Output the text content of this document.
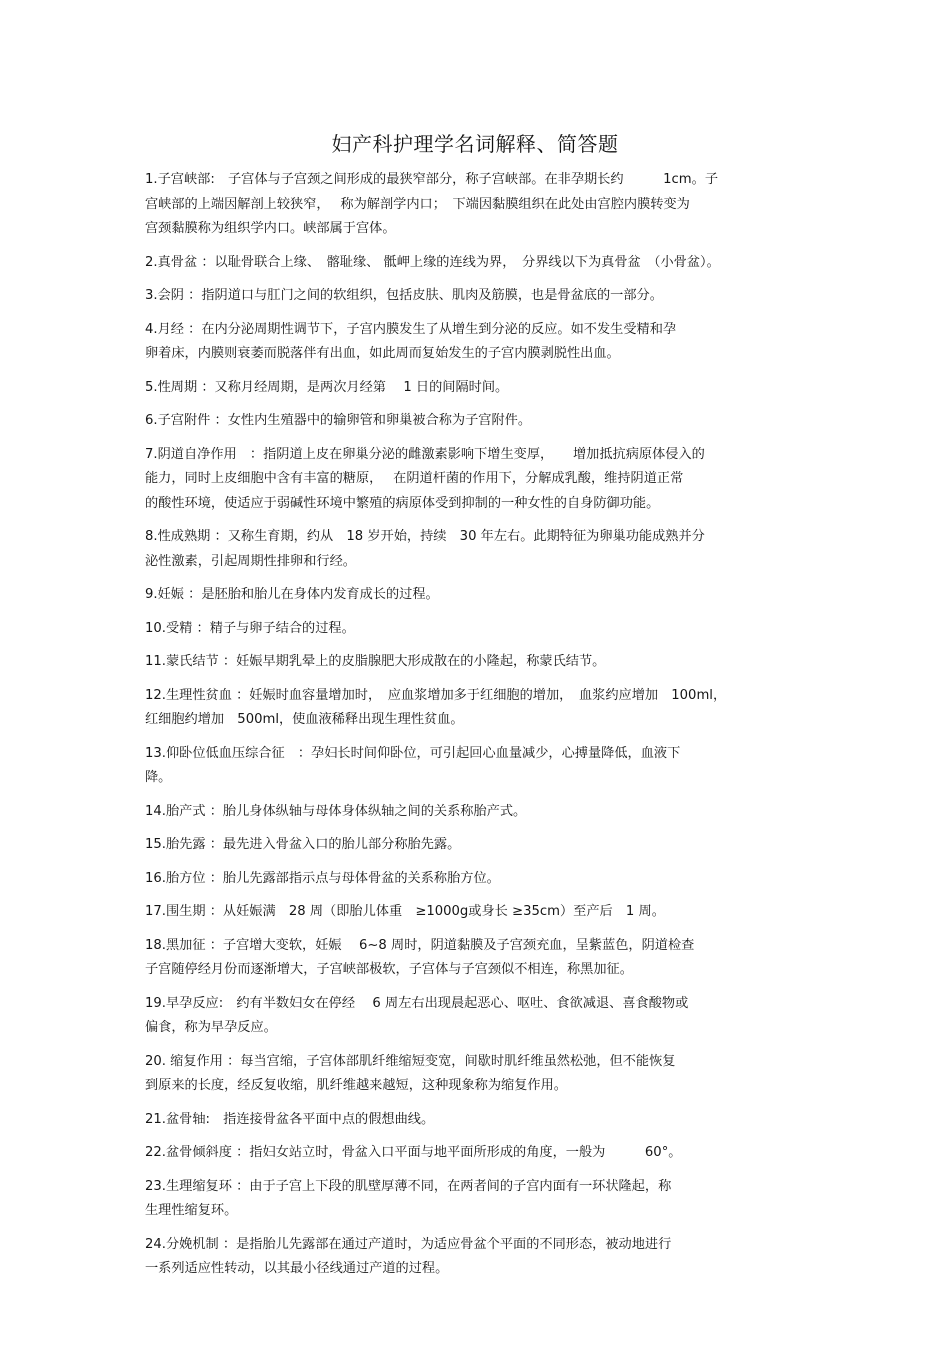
妇产科护理学名词解释、简答题
1.子宫峡部:　子宫体与子宫颈之间形成的最狭窄部分，称子宫峡部。在非孕期长约　　　1cm。子
宫峡部的上端因解剖上较狭窄，　 称为解剖学内口；　下端因黏膜组织在此处由宫腔内膜转变为
宫颈黏膜称为组织学内口。峡部属于宫体。
2.真骨盆 ：以耻骨联合上缘、　髂耻缘、 骶岬上缘的连线为界，　分界线以下为真骨盆　（小骨盆）。
3.会阴 ：指阴道口与肛门之间的软组织，包括皮肤、肌肉及筋膜，也是骨盆底的一部分。
4.月经 ：在内分泌周期性调节下，子宫内膜发生了从增生到分泌的反应。如不发生受精和孕
卵着床，内膜则衰萎而脱落伴有出血，如此周而复始发生的子宫内膜剥脱性出血。
5.性周期 ：又称月经周期，是两次月经第　 1 日的间隔时间。
6.子宫附件 ：女性内生殖器中的输卵管和卵巢被合称为子宫附件。
7.阴道自净作用　：指阴道上皮在卵巢分泌的雌激素影响下增生变厚，　　增加抵抗病原体侵入的
能力，同时上皮细胞中含有丰富的糖原，　 在阴道杆菌的作用下，分解成乳酸，维持阴道正常
的酸性环境，使适应于弱碱性环境中繁殖的病原体受到抑制的一种女性的自身防御功能。
8.性成熟期 ：又称生育期，约从　18 岁开始，持续　30 年左右。此期特征为卵巢功能成熟并分
泌性激素，引起周期性排卵和行经。
9.妊娠 ：是胚胎和胎儿在身体内发育成长的过程。
10.受精 ：精子与卵子结合的过程。
11.蒙氏结节 ：妊娠早期乳晕上的皮脂腺肥大形成散在的小隆起，称蒙氏结节。
12.生理性贫血 ：妊娠时血容量增加时，　应血浆增加多于红细胞的增加，　血浆约应增加　100ml，
红细胞约增加　500ml，使血液稀释出现生理性贫血。
13.仰卧位低血压综合征　：孕妇长时间仰卧位，可引起回心血量减少，心搏量降低，血液下
降。
14.胎产式 ：胎儿身体纵轴与母体身体纵轴之间的关系称胎产式。
15.胎先露 ：最先进入骨盆入口的胎儿部分称胎先露。
16.胎方位 ：胎儿先露部指示点与母体骨盆的关系称胎方位。
17.围生期 ：从妊娠满　28 周（即胎儿体重　≥1000g或身长 ≥35cm）至产后　1 周。
18.黑加征 ：子宫增大变软，妊娠　 6~8 周时，阴道黏膜及子宫颈充血，呈紫蓝色，阴道检查
子宫随停经月份而逐渐增大，子宫峡部极软，子宫体与子宫颈似不相连，称黑加征。
19.早孕反应:　约有半数妇女在停经　 6 周左右出现晨起恶心、呕吐、食欲减退、喜食酸物或
偏食，称为早孕反应。
20. 缩复作用 ：每当宫缩，子宫体部肌纤维缩短变宽，间歇时肌纤维虽然松弛，但不能恢复
到原来的长度，经反复收缩，肌纤维越来越短，这种现象称为缩复作用。
21.盆骨轴:　指连接骨盆各平面中点的假想曲线。
22.盆骨倾斜度 ：指妇女站立时，骨盆入口平面与地平面所形成的角度，一般为　　　60°。
23.生理缩复环 ：由于子宫上下段的肌壁厚薄不同，在两者间的子宫内面有一环状隆起，称
生理性缩复环。
24.分娩机制 ：是指胎儿先露部在通过产道时，为适应骨盆个平面的不同形态，被动地进行
一系列适应性转动，以其最小径线通过产道的过程。
